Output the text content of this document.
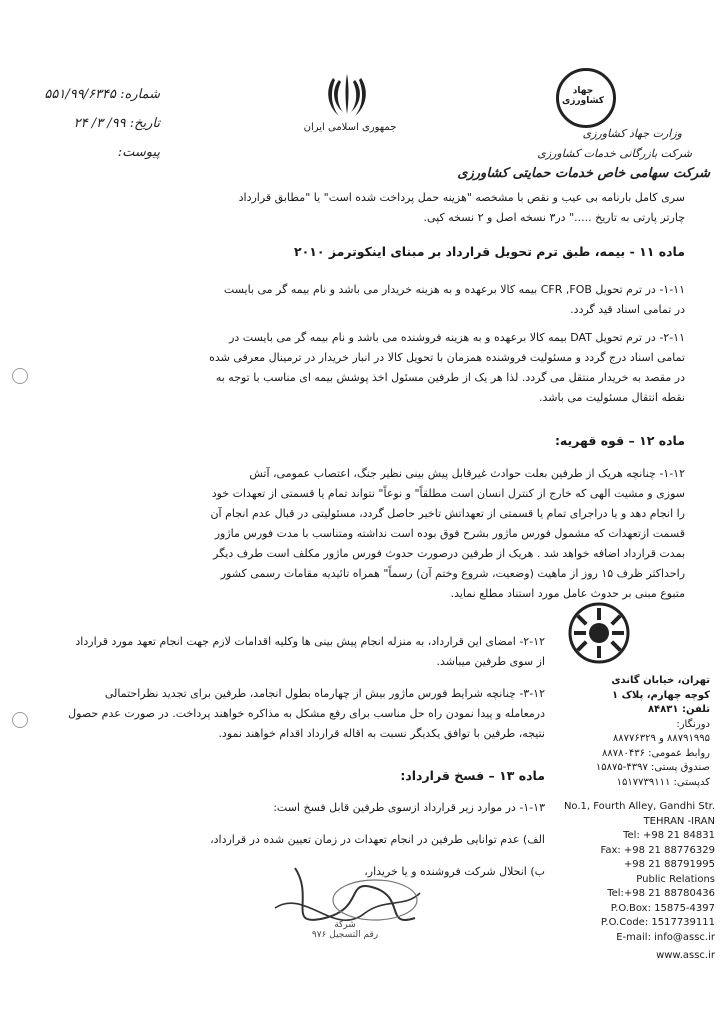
شماره: ۵۵۱/۹۹/۶۳۴۵
تاریخ: ۹۹/ ۳/ ۲۴
پیوست:
جمهوری اسلامی ایران
جهاد
کشاورزی
وزارت جهاد کشاورزی
شرکت بازرگانی خدمات کشاورزی
شرکت سهامی خاص خدمات حمایتی کشاورزی
سری کامل بارنامه بی عیب و نقص با مشخصه "هزینه حمل پرداخت شده است" یا "مطابق قرارداد
چارتر پارتی به تاریخ ....." در۳ نسخه اصل و ۲ نسخه کپی.
ماده ۱۱ - بیمه، طبق ترم تحویل قرارداد بر مبنای اینکوترمز ۲۰۱۰
۱-۱۱- در ترم تحویل CFR ,FOB بیمه کالا برعهده و به هزینه خریدار می باشد و نام بیمه گر می بایست
در تمامی اسناد قید گردد.
۲-۱۱- در ترم تحویل DAT بیمه کالا برعهده و به هزینه فروشنده می باشد و نام بیمه گر می بایست در
تمامی اسناد درج گردد و مسئولیت فروشنده همزمان با تحویل کالا در انبار خریدار در ترمینال معرفی شده
در مقصد به خریدار منتقل می گردد. لذا هر یک از طرفین مسئول اخذ پوشش بیمه ای مناسب با توجه به
نقطه انتقال مسئولیت می باشد.
ماده ۱۲ – قوه قهریه:
۱-۱۲- چنانچه هریک از طرفین بعلت حوادث غیرقابل پیش بینی نظیر جنگ، اعتصاب عمومی، آتش
سوزی و مشیت الهی که خارج از کنترل انسان است مطلقاً" و نوعاً" نتواند تمام یا قسمتی از تعهدات خود
را انجام دهد و یا دراجرای تمام یا قسمتی از تعهداتش تاخیر حاصل گردد، مسئولیتی در قبال عدم انجام آن
قسمت ازتعهدات که مشمول فورس ماژور بشرح فوق بوده است نداشته ومتناسب با مدت فورس ماژور
بمدت قرارداد اضافه خواهد شد . هریک از طرفین درصورت حدوث فورس ماژور مکلف است طرف دیگر
راحداکثر ظرف ۱۵ روز از ماهیت (وضعیت، شروع وختم آن) رسماً" همراه تائیدیه مقامات رسمی کشور
متبوع مبنی بر حدوث عامل مورد استناد مطلع نماید.
۲-۱۲- امضای این قرارداد، به منزله انجام پیش بینی ها وکلیه اقدامات لازم جهت انجام تعهد مورد قرارداد
از سوی طرفین میباشد.
۳-۱۲- چنانچه شرایط فورس ماژور بیش از چهارماه بطول انجامد، طرفین برای تجدید نظراحتمالی
درمعامله و پیدا نمودن راه حل مناسب برای رفع مشکل به مذاکره خواهند پرداخت. در صورت عدم حصول
نتیجه، طرفین با توافق یکدیگر نسبت به اقاله قرارداد اقدام خواهند نمود.
ماده ۱۳ – فسخ قرارداد:
۱-۱۳- در موارد زیر قرارداد ازسوی طرفین قابل فسخ است:
الف) عدم توانایی طرفین در انجام تعهدات در زمان تعیین شده در قرارداد،
ب) انحلال شرکت فروشنده و یا خریدار،
تهران، خیابان گاندی
کوچه چهارم، پلاک ۱
تلفن: ۸۴۸۳۱
دورنگار:
۸۸۷۹۱۹۹۵ و ۸۸۷۷۶۳۲۹
روابط عمومی: ۸۸۷۸۰۴۳۶
صندوق پستی: ۴۳۹۷-۱۵۸۷۵
کدپستی: ۱۵۱۷۷۳۹۱۱۱
No.1, Fourth Alley, Gandhi Str.
TEHRAN -IRAN
Tel: +98 21 84831
Fax: +98 21 88776329
+98 21 88791995
Public Relations
Tel:+98 21 88780436
P.O.Box: 15875-4397
P.O.Code: 1517739111
E-mail: info@assc.ir
www.assc.ir
شركة
رقم التسجيل ۹۷۶
